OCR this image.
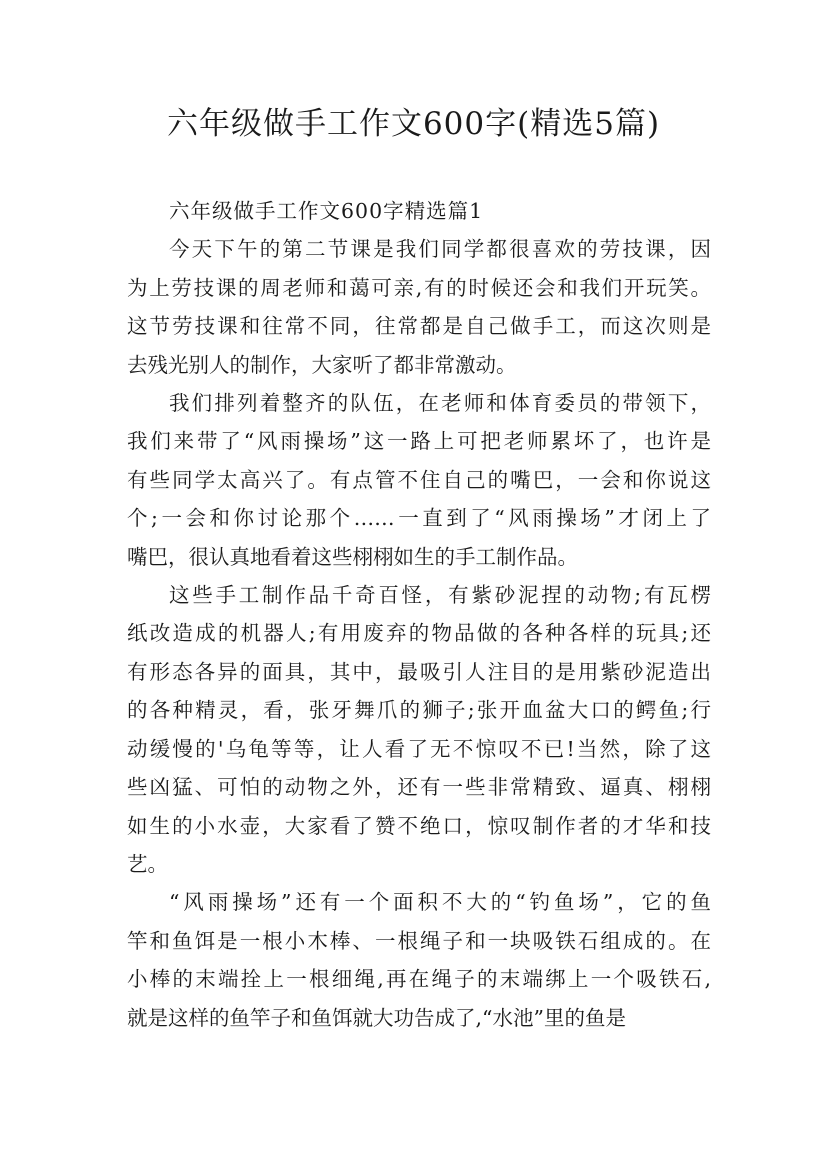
六年级做手工作文600字(精选5篇)

六年级做手工作文600字精选篇1

今天下午的第二节课是我们同学都很喜欢的劳技课，因
为上劳技课的周老师和蔼可亲,有的时候还会和我们开玩笑。
这节劳技课和往常不同，往常都是自己做手工，而这次则是
去残光别人的制作，大家听了都非常激动。
我们排列着整齐的队伍，在老师和体育委员的带领下，
我们来带了“风雨操场”这一路上可把老师累坏了，也许是
有些同学太高兴了。有点管不住自己的嘴巴，一会和你说这
个;一会和你讨论那个……一直到了“风雨操场”才闭上了
嘴巴，很认真地看着这些栩栩如生的手工制作品。
这些手工制作品千奇百怪，有紫砂泥捏的动物;有瓦楞
纸改造成的机器人;有用废弃的物品做的各种各样的玩具;还
有形态各异的面具，其中，最吸引人注目的是用紫砂泥造出
的各种精灵，看，张牙舞爪的狮子;张开血盆大口的鳄鱼;行
动缓慢的'乌龟等等，让人看了无不惊叹不已!当然，除了这
些凶猛、可怕的动物之外，还有一些非常精致、逼真、栩栩
如生的小水壶，大家看了赞不绝口，惊叹制作者的才华和技
艺。
“风雨操场”还有一个面积不大的“钓鱼场”，它的鱼
竿和鱼饵是一根小木棒、一根绳子和一块吸铁石组成的。在
小棒的末端拴上一根细绳,再在绳子的末端绑上一个吸铁石,
就是这样的鱼竿子和鱼饵就大功告成了,“水池”里的鱼是
